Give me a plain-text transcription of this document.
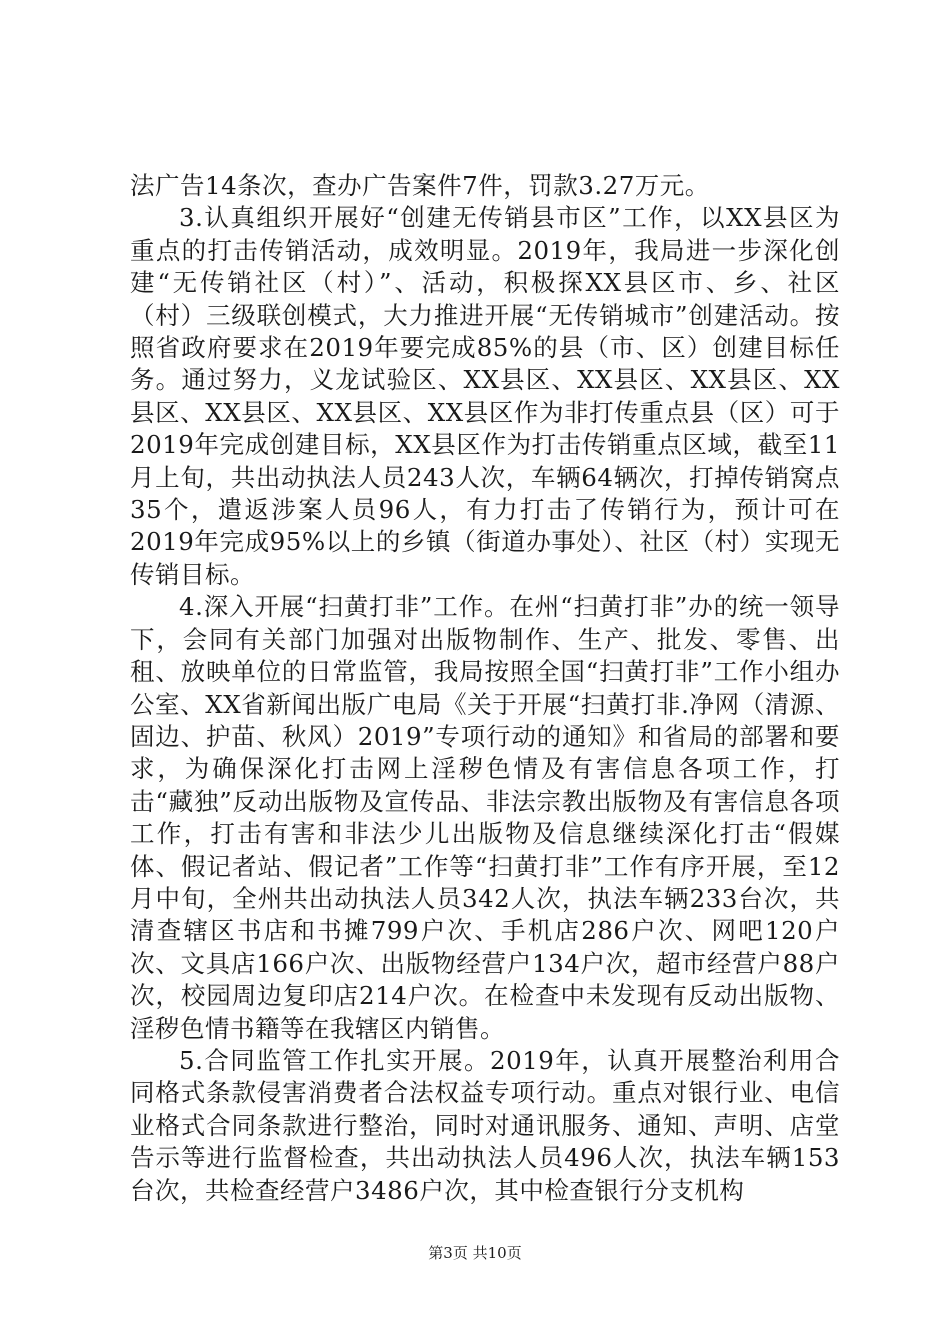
法广告14条次，查办广告案件7件，罚款3.27万元。

3.认真组织开展好“创建无传销县市区”工作，以XX县区为重点的打击传销活动，成效明显。2019年，我局进一步深化创建“无传销社区（村）”、活动，积极探XX县区市、乡、社区（村）三级联创模式，大力推进开展“无传销城市”创建活动。按照省政府要求在2019年要完成85%的县（市、区）创建目标任务。通过努力，义龙试验区、XX县区、XX县区、XX县区、XX县区、XX县区、XX县区、XX县区作为非打传重点县（区）可于2019年完成创建目标，XX县区作为打击传销重点区域，截至11月上旬，共出动执法人员243人次，车辆64辆次，打掉传销窝点35个，遣返涉案人员96人，有力打击了传销行为，预计可在2019年完成95%以上的乡镇（街道办事处）、社区（村）实现无传销目标。

4.深入开展“扫黄打非”工作。在州“扫黄打非”办的统一领导下，会同有关部门加强对出版物制作、生产、批发、零售、出租、放映单位的日常监管，我局按照全国“扫黄打非”工作小组办公室、XX省新闻出版广电局《关于开展“扫黄打非.净网（清源、固边、护苗、秋风）2019”专项行动的通知》和省局的部署和要求，为确保深化打击网上淫秽色情及有害信息各项工作，打击“藏独”反动出版物及宣传品、非法宗教出版物及有害信息各项工作，打击有害和非法少儿出版物及信息继续深化打击“假媒体、假记者站、假记者”工作等“扫黄打非”工作有序开展，至12月中旬，全州共出动执法人员342人次，执法车辆233台次，共清查辖区书店和书摊799户次、手机店286户次、网吧120户次、文具店166户次、出版物经营户134户次，超市经营户88户次，校园周边复印店214户次。在检查中未发现有反动出版物、淫秽色情书籍等在我辖区内销售。

5.合同监管工作扎实开展。2019年，认真开展整治利用合同格式条款侵害消费者合法权益专项行动。重点对银行业、电信业格式合同条款进行整治，同时对通讯服务、通知、声明、店堂告示等进行监督检查，共出动执法人员496人次，执法车辆153台次，共检查经营户3486户次，其中检查银行分支机构

第3页 共10页
